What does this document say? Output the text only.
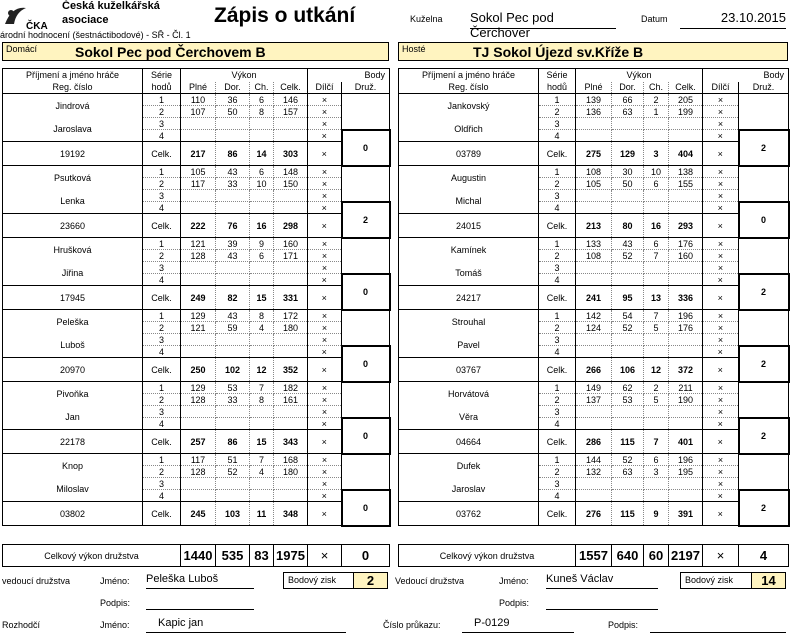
ČKA
Česká kuželkářská
asociace	Zápis o utkání
árodní hodnocení (šestnáctibodové) - SŘ - Čl. 1
Kuželna Sokol Pec pod Čerchover
Datum	23.10.2015
Domácí	Sokol Pec pod Čerchovem B	Hosté	TJ Sokol Újezd sv.Kříže B
Příjmení a jméno hráče	Série	Výkon				Body	
Reg. číslo	hodů	Plné	Dor.	Ch.	Celk.	Dílčí	Druž.
Jindrová	1	110	36	6	146	×	
	2	107	50	8	157	×	
Jaroslava	3					×	
	4					×	0
19192	Celk.	217	86	14	303	×	
Psutková	1	105	43	6	148	×	
	2	117	33	10	150	×	
Lenka	3					×	
	4					×	2
23660	Celk.	222	76	16	298	×	
Hrušková	1	121	39	9	160	×	
	2	128	43	6	171	×	
Jiřina	3					×	
	4					×	0
17945	Celk.	249	82	15	331	×	
Peleška	1	129	43	8	172	×	
	2	121	59	4	180	×	
Luboš	3					×	
	4					×	0
20970	Celk.	250	102	12	352	×	
Pivoňka	1	129	53	7	182	×	
	2	128	33	8	161	×	
Jan	3					×	
	4					×	0
22178	Celk.	257	86	15	343	×	
Knop	1	117	51	7	168	×	
	2	128	52	4	180	×	
Miloslav	3					×	
	4					×	0
03802	Celk.	245	103	11	348	×	
Příjmení a jméno hráče	Série	Výkon				Body	
Reg. číslo	hodů	Plné	Dor.	Ch.	Celk.	Dílčí	Druž.
Jankovský	1	139	66	2	205	×	
	2	136	63	1	199	×	
Oldřich	3					×	
	4					×	2
03789	Celk.	275	129	3	404	×	
Augustin	1	108	30	10	138	×	
	2	105	50	6	155	×	
Michal	3					×	
	4					×	0
24015	Celk.	213	80	16	293	×	
Kamínek	1	133	43	6	176	×	
	2	108	52	7	160	×	
Tomáš	3					×	
	4					×	2
24217	Celk.	241	95	13	336	×	
Strouhal	1	142	54	7	196	×	
	2	124	52	5	176	×	
Pavel	3					×	
	4					×	2
03767	Celk.	266	106	12	372	×	
Horvátová	1	149	62	2	211	×	
	2	137	53	5	190	×	
Věra	3					×	
	4					×	2
04664	Celk.	286	115	7	401	×	
Dufek	1	144	52	6	196	×	
	2	132	63	3	195	×	
Jaroslav	3					×	
	4					×	2
03762	Celk.	276	115	9	391	×	
Celkový výkon družstva	1440	535	83	1975	×	0	Celkový výkon družstva	1557	640	60	2197	×	4
vedoucí družstva	Jméno: Peleška Luboš	Bodový zisk	2
Podpis:
Vedoucí družstva	Jméno: Kuneš Václav	Bodový zisk	14
Podpis:
Rozhodčí	Jméno:	Kapic jan	Číslo průkazu:	P-0129	Podpis:
